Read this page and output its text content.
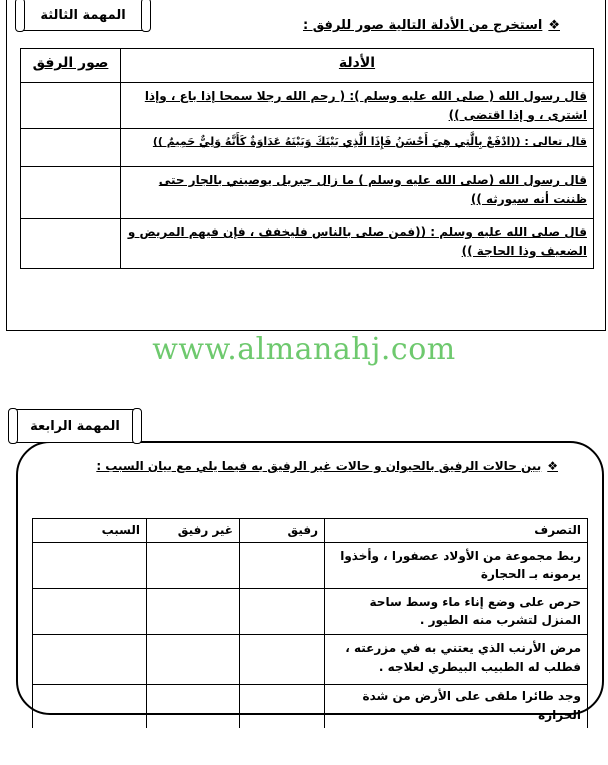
المهمة الثالثة
❖
استخرج من الأدلة التالية صور للرفق :
الأدلة	صور الرفق
قال رسول الله ( صلى الله عليه وسلم ): ( رحم الله رجلا سمحا إذا باع ، وإذا اشترى ، و إذا اقتضى ))	
قال تعالى : ((ادْفَعْ بِالَّتِي هِيَ أَحْسَنُ فَإِذَا الَّذِي بَيْنَكَ وَبَيْنَهُ عَدَاوَةٌ كَأَنَّهُ وَلِيٌّ حَمِيمٌ ))	
قال رسول الله (صلى الله عليه وسلم ) ما زال جبريل يوصيني بالجار حتى ظننت أنه سيورثه ))	
قال صلى الله عليه وسلم : ((فمن صلى بالناس فليخفف ، فإن فيهم المريض و الضعيف وذا الحاجة ))	
www.almanahj.com
المهمة الرابعة
❖
بين حالات الرفيق بالحيوان و حالات غير الرفيق به فيما يلي مع بيان السبب :
التصرف	رفيق	غير رفيق	السبب
ربط مجموعة من الأولاد عصفورا ، وأخذوا يرمونه بـ الحجارة			
حرص على وضع إناء ماء وسط ساحة المنزل لتشرب منه الطيور .			
مرض الأرنب الذي يعتني به في مزرعته ، فطلب له الطبيب البيطري لعلاجه .			
وجد طائرا ملقى على الأرض من شدة الحرارة			
